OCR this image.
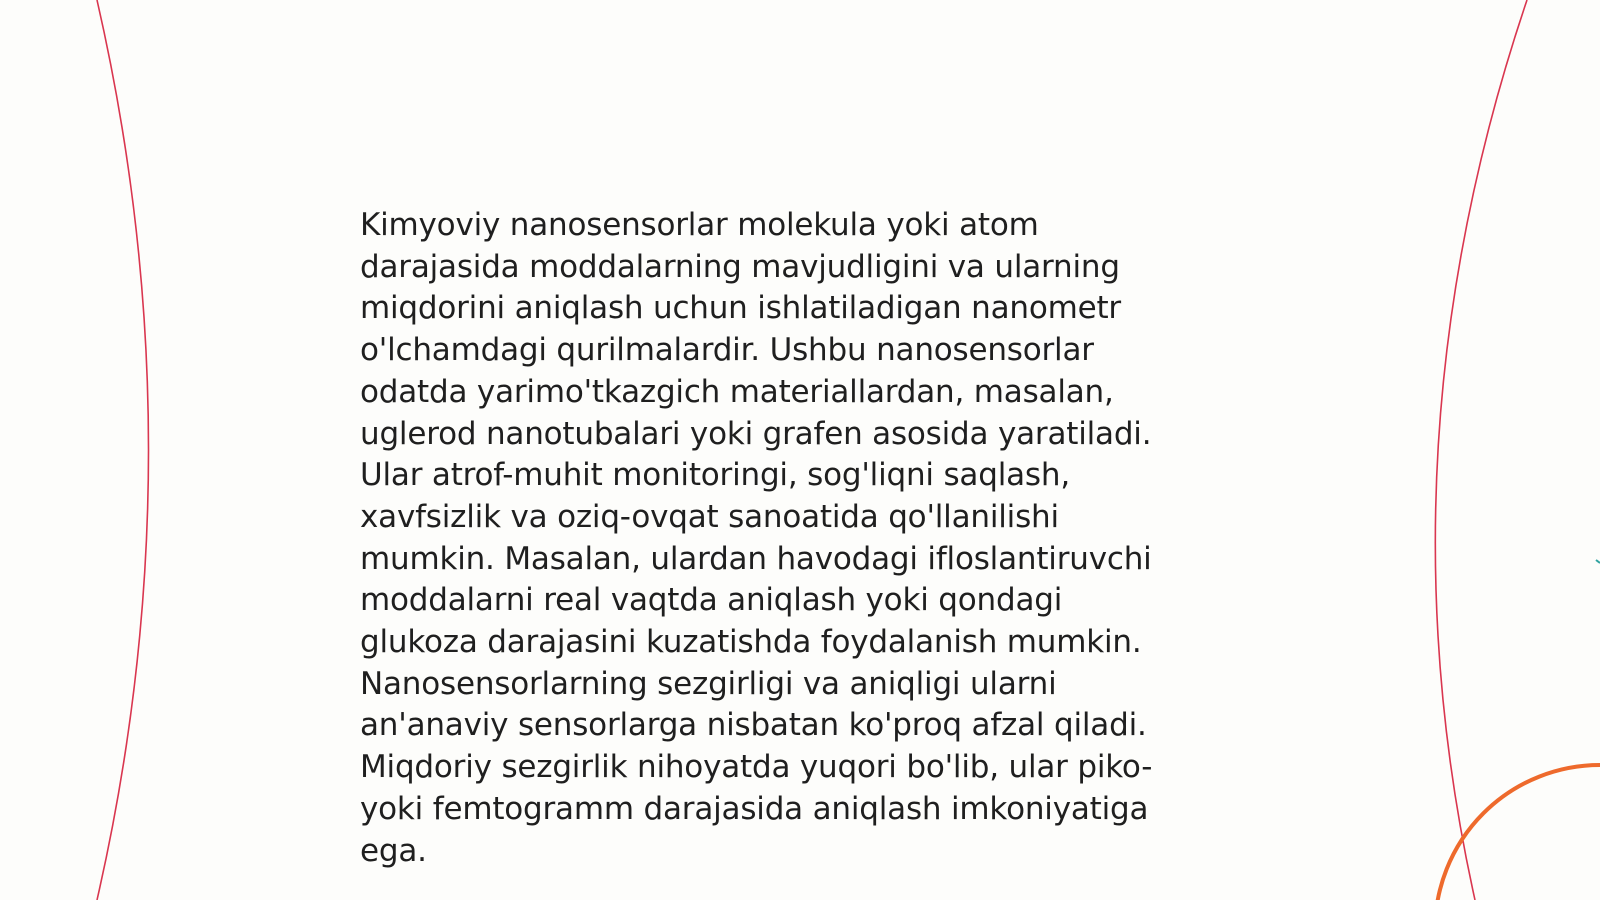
Kimyoviy nanosensorlar molekula yoki atom
darajasida moddalarning mavjudligini va ularning
miqdorini aniqlash uchun ishlatiladigan nanometr
o'lchamdagi qurilmalardir. Ushbu nanosensorlar
odatda yarimo'tkazgich materiallardan, masalan,
uglerod nanotubalari yoki grafen asosida yaratiladi.
Ular atrof-muhit monitoringi, sog'liqni saqlash,
xavfsizlik va oziq-ovqat sanoatida qo'llanilishi
mumkin. Masalan, ulardan havodagi ifloslantiruvchi
moddalarni real vaqtda aniqlash yoki qondagi
glukoza darajasini kuzatishda foydalanish mumkin.
Nanosensorlarning sezgirligi va aniqligi ularni
an'anaviy sensorlarga nisbatan ko'proq afzal qiladi.
Miqdoriy sezgirlik nihoyatda yuqori bo'lib, ular piko-
yoki femtogramm darajasida aniqlash imkoniyatiga
ega.
